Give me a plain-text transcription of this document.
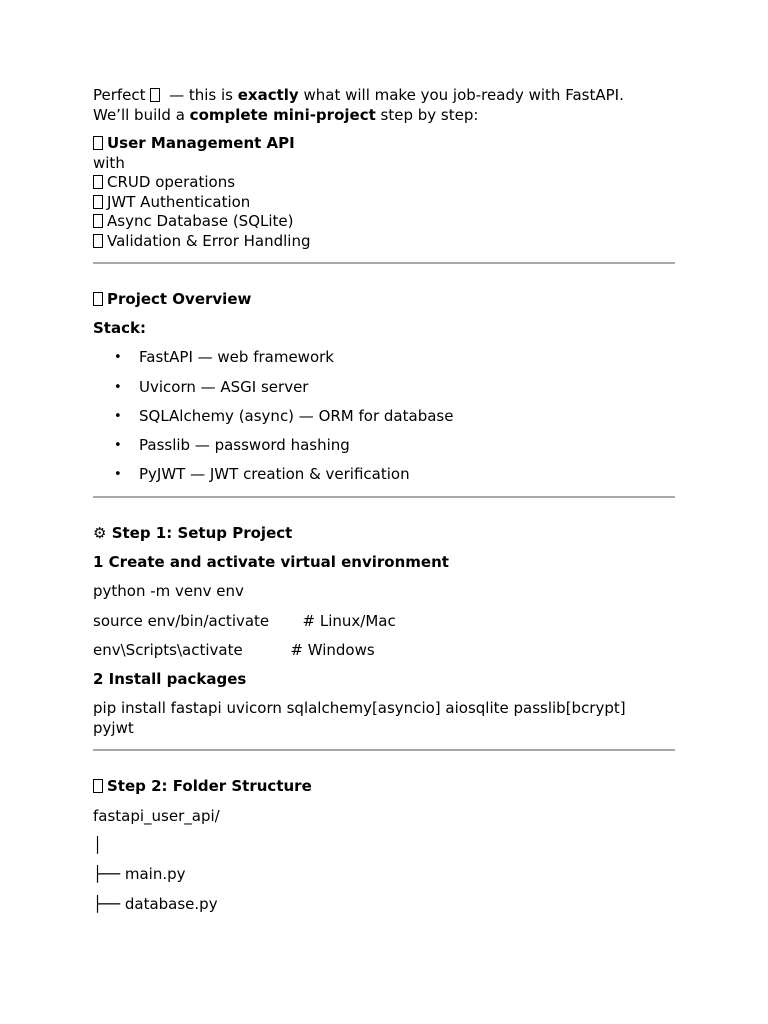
Perfect  — this is exactly what will make you job-ready with FastAPI.
We’ll build a complete mini-project step by step:
User Management API
with
CRUD operations
JWT Authentication
Async Database (SQLite)
Validation & Error Handling
Project Overview
Stack:
• FastAPI — web framework
• Uvicorn — ASGI server
• SQLAlchemy (async) — ORM for database
• Passlib — password hashing
• PyJWT — JWT creation & verification
⚙ Step 1: Setup Project
1 Create and activate virtual environment
python -m venv env
source env/bin/activate       # Linux/Mac
env\Scripts\activate          # Windows
2 Install packages
pip install fastapi uvicorn sqlalchemy[asyncio] aiosqlite passlib[bcrypt] pyjwt
Step 2: Folder Structure
fastapi_user_api/
│
├── main.py
├── database.py
